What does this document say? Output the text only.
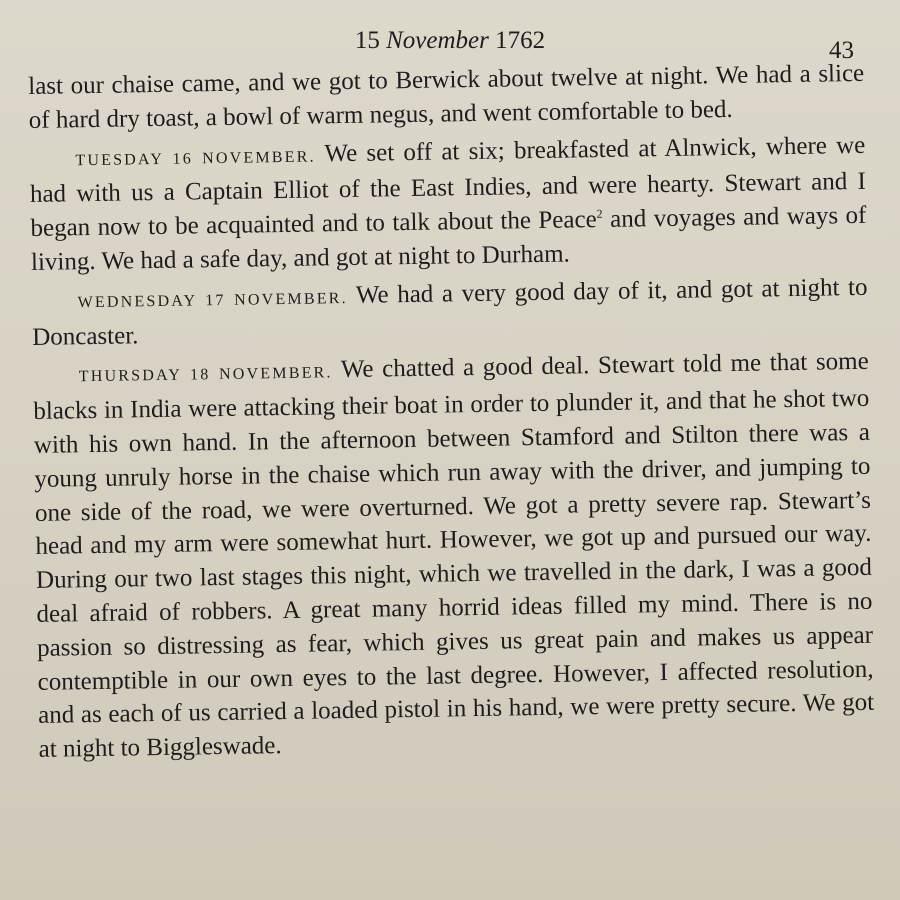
15 November 1762	43

last our chaise came, and we got to Berwick about twelve at night. We had a slice of hard dry toast, a bowl of warm negus, and went comfortable to bed.

TUESDAY 16 NOVEMBER. We set off at six; breakfasted at Alnwick, where we had with us a Captain Elliot of the East Indies, and were hearty. Stewart and I began now to be acquainted and to talk about the Peace$^2$ and voyages and ways of living. We had a safe day, and got at night to Durham.

WEDNESDAY 17 NOVEMBER. We had a very good day of it, and got at night to Doncaster.

THURSDAY 18 NOVEMBER. We chatted a good deal. Stewart told me that some blacks in India were attacking their boat in order to plunder it, and that he shot two with his own hand. In the afternoon between Stamford and Stilton there was a young unruly horse in the chaise which run away with the driver, and jumping to one side of the road, we were overturned. We got a pretty severe rap. Stewart’s head and my arm were somewhat hurt. However, we got up and pursued our way. During our two last stages this night, which we travelled in the dark, I was a good deal afraid of robbers. A great many horrid ideas filled my mind. There is no passion so distressing as fear, which gives us great pain and makes us appear contemptible in our own eyes to the last degree. However, I affected resolution, and as each of us carried a loaded pistol in his hand, we were pretty secure. We got at night to Biggleswade.
